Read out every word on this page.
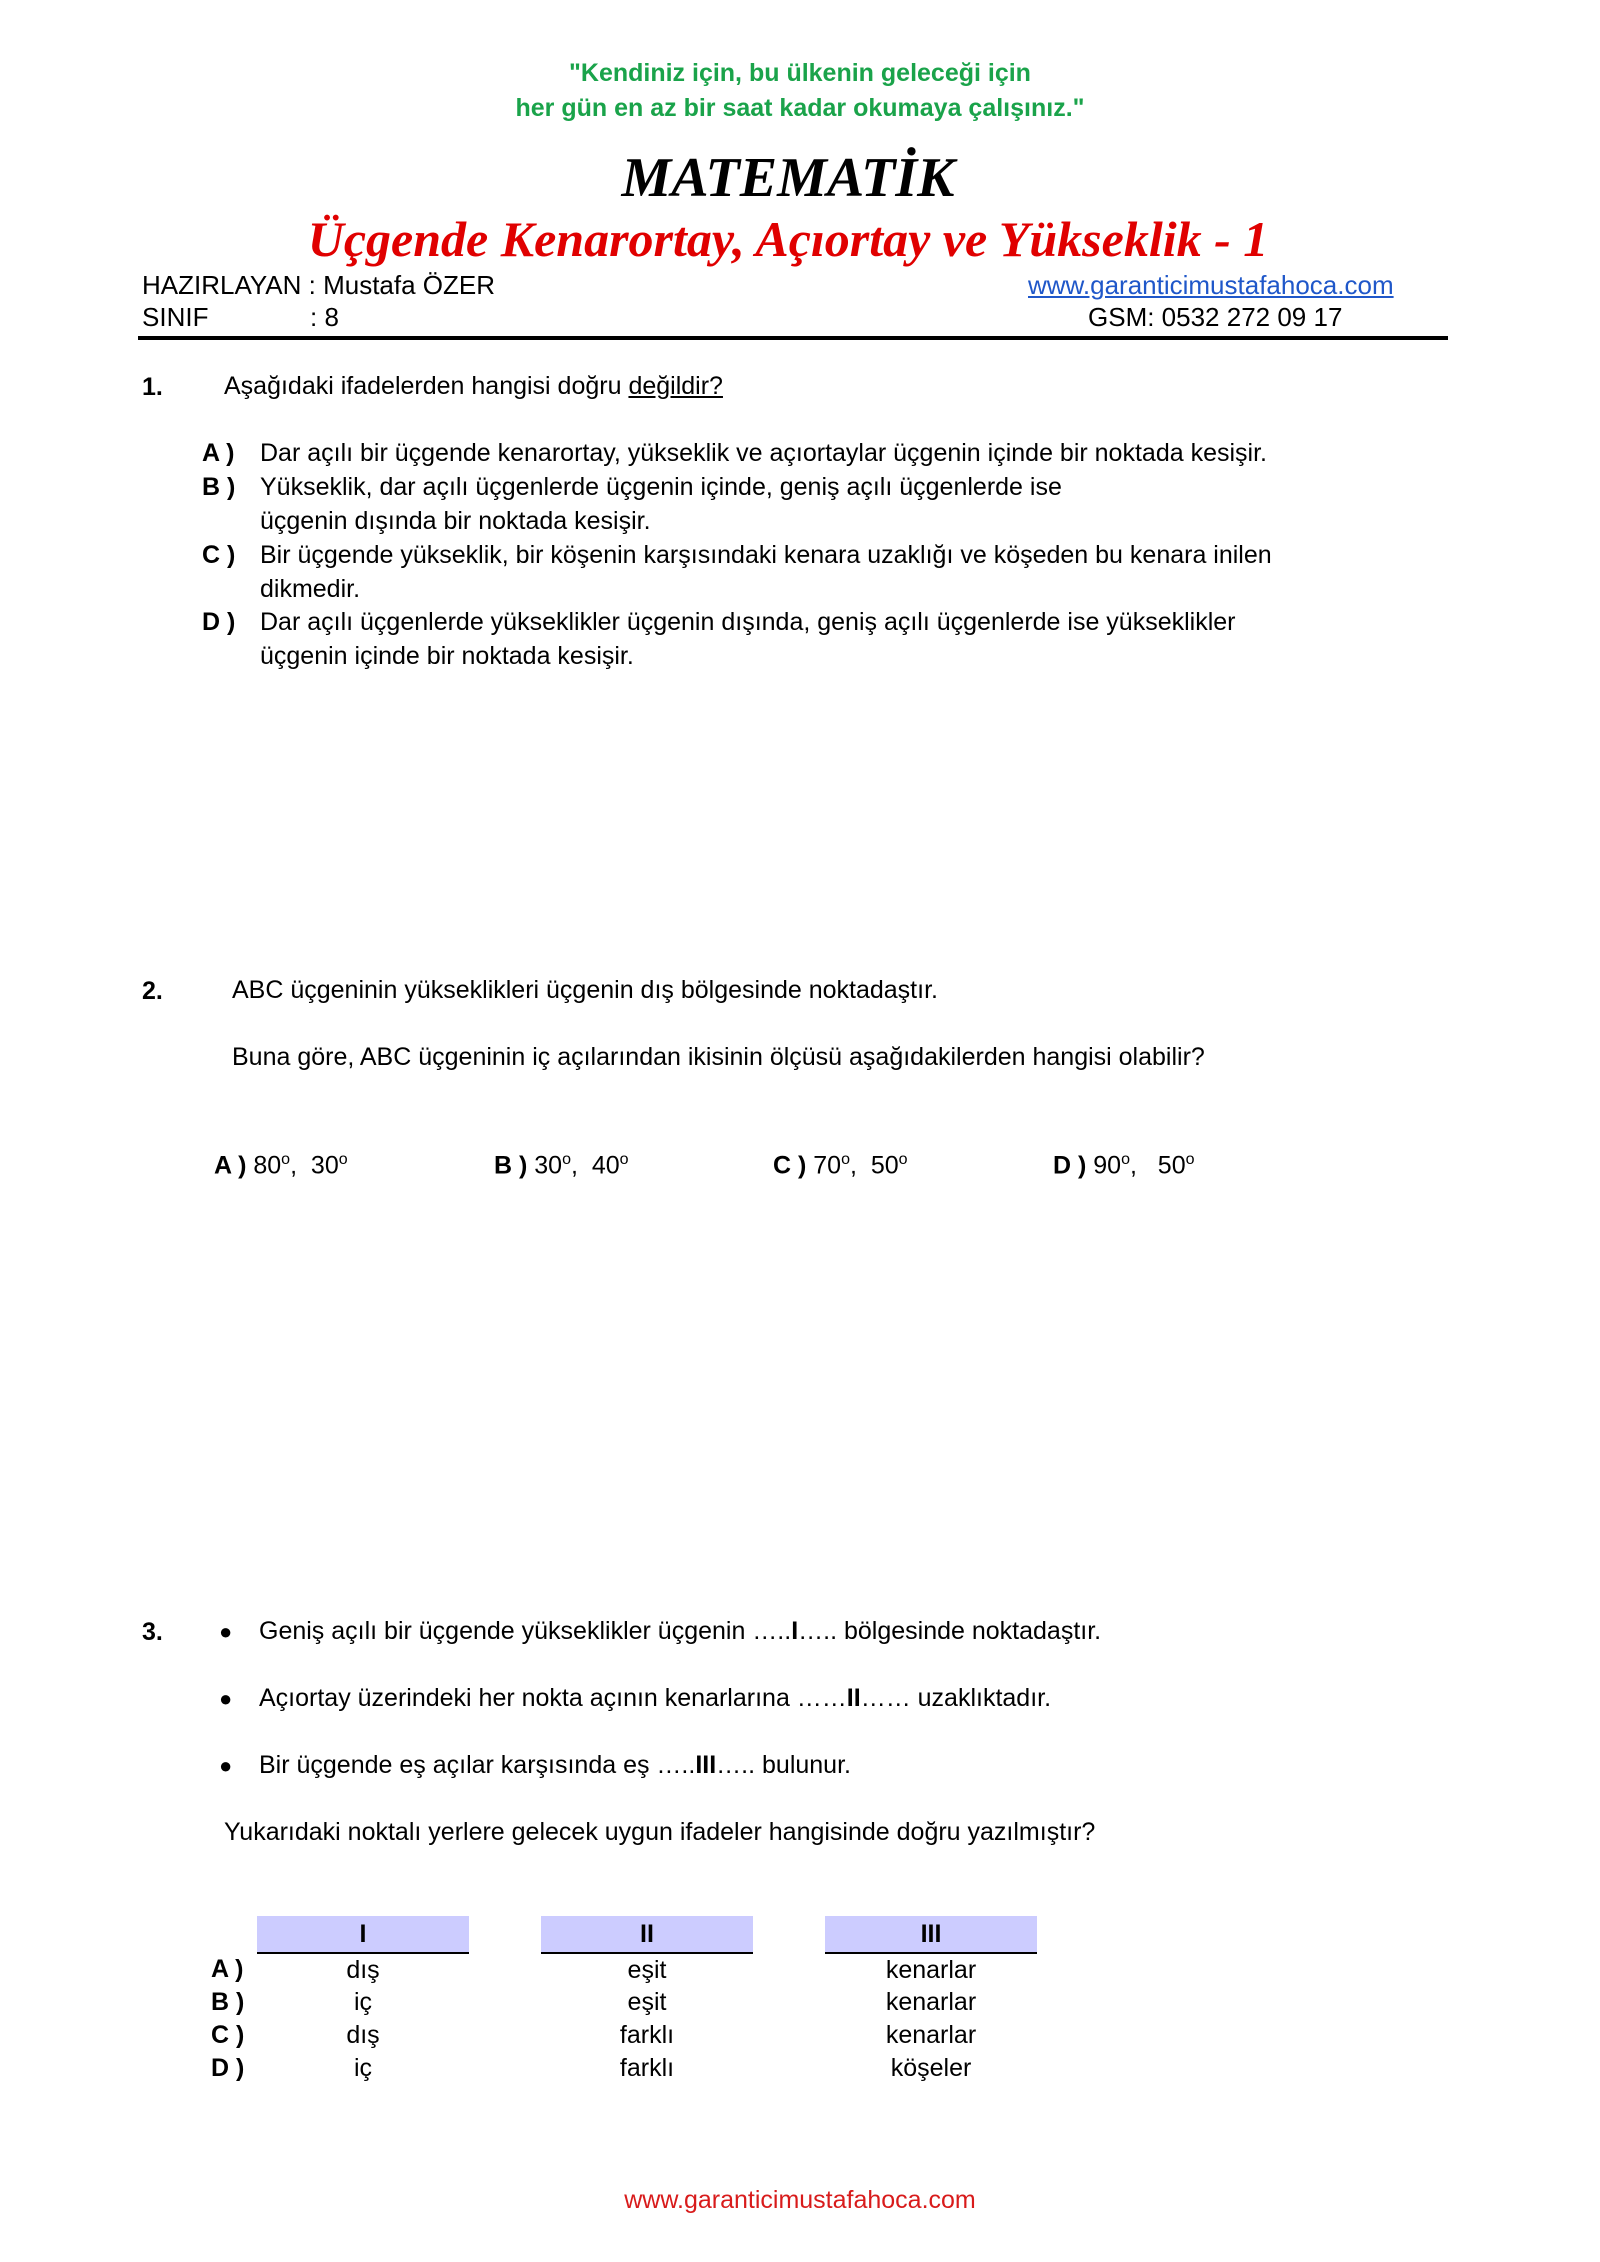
"Kendiniz için, bu ülkenin geleceği için
her gün en az bir saat kadar okumaya çalışınız."
MATEMATİK
Üçgende Kenarortay, Açıortay ve Yükseklik - 1
HAZIRLAYAN : Mustafa ÖZER	www.garanticimustafahoca.com
SINIF	: 8	GSM: 0532 272 09 17
1. Aşağıdaki ifadelerden hangisi doğru değildir?
A ) Dar açılı bir üçgende kenarortay, yükseklik ve açıortaylar üçgenin içinde bir noktada kesişir.
B ) Yükseklik, dar açılı üçgenlerde üçgenin içinde, geniş açılı üçgenlerde ise
üçgenin dışında bir noktada kesişir.
C ) Bir üçgende yükseklik, bir köşenin karşısındaki kenara uzaklığı ve köşeden bu kenara inilen
dikmedir.
D ) Dar açılı üçgenlerde yükseklikler üçgenin dışında, geniş açılı üçgenlerde ise yükseklikler
üçgenin içinde bir noktada kesişir.
2.	ABC üçgeninin yükseklikleri üçgenin dış bölgesinde noktadaştır.
Buna göre, ABC üçgeninin iç açılarından ikisinin ölçüsü aşağıdakilerden hangisi olabilir?
A ) 80$^o$,  30$^o$	B ) 30$^o$,  40$^o$	C ) 70$^o$,  50$^o$	D ) 90$^o$,   50$^o$
3.	● Geniş açılı bir üçgende yükseklikler üçgenin …..I….. bölgesinde noktadaştır.
● Açıortay üzerindeki her nokta açının kenarlarına ……II…… uzaklıktadır.
● Bir üçgende eş açılar karşısında eş …..III….. bulunur.
Yukarıdaki noktalı yerlere gelecek uygun ifadeler hangisinde doğru yazılmıştır?
	I		II		III
A )	dış		eşit		kenarlar
B )	iç		eşit		kenarlar
C )	dış		farklı		kenarlar
D )	iç		farklı		köşeler
www.garanticimustafahoca.com
